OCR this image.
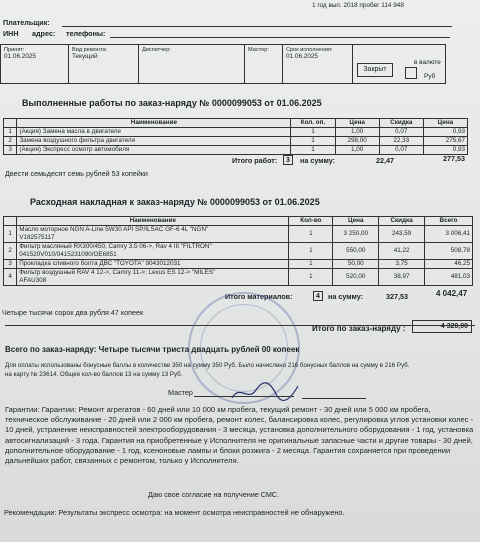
1 год вып. 2018 пробег 114 948
Плательщик:
ИНН адрес: телефоны:
Принят:
01.06.2025
Вид ремонта:
Текущий
Диспетчер:	Мастер:	Срок исполнения:
01.06.2025
Закрыт
в валюте
Руб
Выполненные работы по заказ-наряду № 0000099053 от 01.06.2025
	Наименование	Кол. оп.	Цена	Скидка	Цена
1	(Акция) Замена масла в двигателе	1	1,00	0,07	0,93
2	Замена воздушного фильтра двигателя	1	298,00	22,33	275,67
3	(Акция) Экспресс осмотр автомобиля	1	1,00	0,07	0,93
Итого работ:	3	на сумму:	22,47	277,53
Двести семьдесят семь рублей 53 копейки
Расходная накладная к заказ-наряду № 0000099053 от 01.06.2025
	Наименование	Кол-во	Цена	Скидка	Всего
1	Масло моторное NGN A-Line 5W30 API SP/ILSAC GF-6 4L "NGN"
V182575117	1	3 250,00	243,59	3 006,41
2	Фильтр масляный RX300/450, Camry 3.5 06->, Rav 4 III "FILTRON"
041520V010/0415231090/OE6851	1	550,00	41,22	508,78
3	Прокладка сливного болта ДВС "TOYOTA" 9043012031	1	50,00	3,75	46,25
4	Фильтр воздушный RAV 4 12->, Camry 11->; Lexus ES 12-> "MILES"
AFAU308	1	520,00	38,97	481,03
Итого материалов:	4	на сумму:	327,53	4 042,47
Четыре тысячи сорок два рубля 47 копеек
Итого по заказ-наряду :	4 320,00
Всего по заказ-наряду: Четыре тысячи триста двадцать рублей 00 копеек
Для оплаты использованы бонусные баллы в количестве 350 на сумму 350 Руб. Было начислено 216 бонусных баллов на сумму в 216 Руб.
на карту № 23614. Общее кол-во баллов 13 на сумму 13 Руб.
Мастер
Гарантии: Гарантии: Ремонт агрегатов - 60 дней или 10 000 км пробега, текущий ремонт - 30 дней или 5 000 км пробега, техническое обслуживание - 20 дней или 2 000 км пробега, ремонт колес, балансировка колес, регулировка углов установки колес - 10 дней, устранение неисправностей электрооборудования - 3 месяца, установка дополнительного оборудования - 1 год, установка автосигнализаций - 3 года. Гарантия на приобретенные у Исполнителя не оригинальные запасные части и другие товары - 30 дней, дополнительное оборудование - 1 год, ксеноновые лампы и блоки розжига - 2 месяца. Гарантия сохраняется при проведении дальнейших работ, связанных с ремонтом, только у Исполнителя.
Даю свое согласие на получение СМС.
Рекомендации: Результаты экспресс осмотра: на момент осмотра неисправностей не обнаружено.
